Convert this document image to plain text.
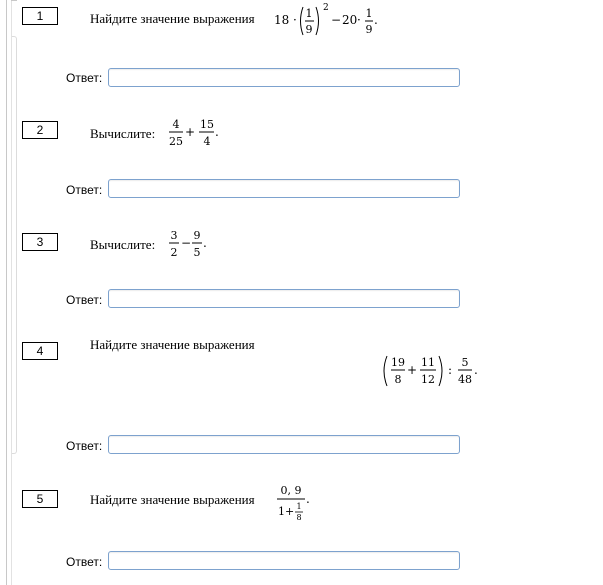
1	Найдите значение выражения 18 · 1
9
2
− 20 · 1
9
.
Ответ:
2	Вычислите:
4
25
+
15
4
.
Ответ:
3	Вычислите:
3
2
−
9
5
.
Ответ:
4	Найдите значение выражения
19
8
+
11
12
:
5
48
.
Ответ:
5	Найдите значение выражения
0, 9
1 + 1
8
.
Ответ:
